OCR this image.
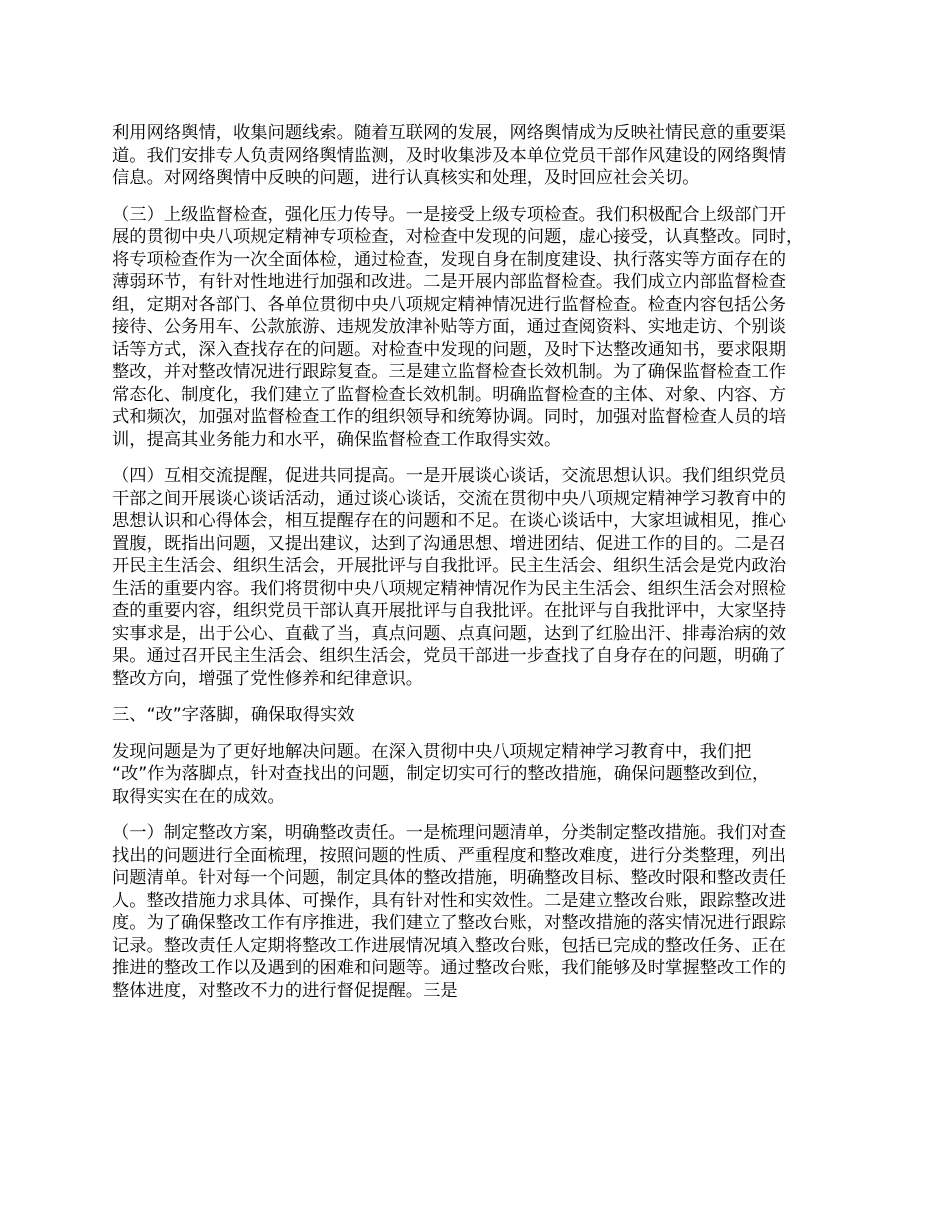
利用网络舆情，收集问题线索。随着互联网的发展，网络舆情成为反映社情民意的重要渠
道。我们安排专人负责网络舆情监测，及时收集涉及本单位党员干部作风建设的网络舆情
信息。对网络舆情中反映的问题，进行认真核实和处理，及时回应社会关切。

（三）上级监督检查，强化压力传导。一是接受上级专项检查。我们积极配合上级部门开
展的贯彻中央八项规定精神专项检查，对检查中发现的问题，虚心接受，认真整改。同时，
将专项检查作为一次全面体检，通过检查，发现自身在制度建设、执行落实等方面存在的
薄弱环节，有针对性地进行加强和改进。二是开展内部监督检查。我们成立内部监督检查
组，定期对各部门、各单位贯彻中央八项规定精神情况进行监督检查。检查内容包括公务
接待、公务用车、公款旅游、违规发放津补贴等方面，通过查阅资料、实地走访、个别谈
话等方式，深入查找存在的问题。对检查中发现的问题，及时下达整改通知书，要求限期
整改，并对整改情况进行跟踪复查。三是建立监督检查长效机制。为了确保监督检查工作
常态化、制度化，我们建立了监督检查长效机制。明确监督检查的主体、对象、内容、方
式和频次，加强对监督检查工作的组织领导和统筹协调。同时，加强对监督检查人员的培
训，提高其业务能力和水平，确保监督检查工作取得实效。

（四）互相交流提醒，促进共同提高。一是开展谈心谈话，交流思想认识。我们组织党员
干部之间开展谈心谈话活动，通过谈心谈话，交流在贯彻中央八项规定精神学习教育中的
思想认识和心得体会，相互提醒存在的问题和不足。在谈心谈话中，大家坦诚相见，推心
置腹，既指出问题，又提出建议，达到了沟通思想、增进团结、促进工作的目的。二是召
开民主生活会、组织生活会，开展批评与自我批评。民主生活会、组织生活会是党内政治
生活的重要内容。我们将贯彻中央八项规定精神情况作为民主生活会、组织生活会对照检
查的重要内容，组织党员干部认真开展批评与自我批评。在批评与自我批评中，大家坚持
实事求是，出于公心、直截了当，真点问题、点真问题，达到了红脸出汗、排毒治病的效
果。通过召开民主生活会、组织生活会，党员干部进一步查找了自身存在的问题，明确了
整改方向，增强了党性修养和纪律意识。

三、“改”字落脚，确保取得实效

发现问题是为了更好地解决问题。在深入贯彻中央八项规定精神学习教育中，我们把
“改”作为落脚点，针对查找出的问题，制定切实可行的整改措施，确保问题整改到位，
取得实实在在的成效。

（一）制定整改方案，明确整改责任。一是梳理问题清单，分类制定整改措施。我们对查
找出的问题进行全面梳理，按照问题的性质、严重程度和整改难度，进行分类整理，列出
问题清单。针对每一个问题，制定具体的整改措施，明确整改目标、整改时限和整改责任
人。整改措施力求具体、可操作，具有针对性和实效性。二是建立整改台账，跟踪整改进
度。为了确保整改工作有序推进，我们建立了整改台账，对整改措施的落实情况进行跟踪
记录。整改责任人定期将整改工作进展情况填入整改台账，包括已完成的整改任务、正在
推进的整改工作以及遇到的困难和问题等。通过整改台账，我们能够及时掌握整改工作的
整体进度，对整改不力的进行督促提醒。三是
